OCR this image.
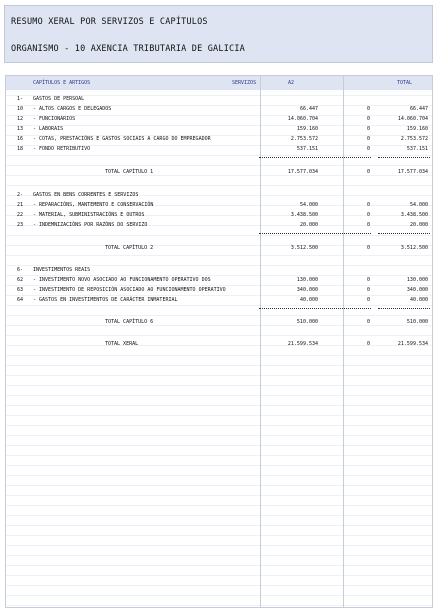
RESUMO XERAL POR SERVIZOS E CAPÍTULOS
ORGANISMO - 10 AXENCIA TRIBUTARIA DE GALICIA
CAPÍTULOS E ARTIGOS	SERVIZOS	A2	TOTAL
1- GASTOS DE PERSOAL
10 - ALTOS CARGOS E DELEGADOS	66.447	0	66.447
12 - FUNCIONARIOS	14.060.704	0	14.060.704
13 - LABORAIS	159.160	0	159.160
16 - COTAS, PRESTACIÓNS E GASTOS SOCIAIS A CARGO DO EMPREGADOR	2.753.572	0	2.753.572
18 - FONDO RETRIBUTIVO	537.151	0	537.151
TOTAL CAPÍTULO 1	17.577.034	0	17.577.034
2- GASTOS EN BENS CORRENTES E SERVIZOS
21 - REPARACIÓNS, MANTEMENTO E CONSERVACIÓN	54.000	0	54.000
22 - MATERIAL, SUBMINISTRACIÓNS E OUTROS	3.438.500	0	3.438.500
23 - INDEMNIZACIÓNS POR RAZÓNS DO SERVIZO	20.000	0	20.000
TOTAL CAPÍTULO 2	3.512.500	0	3.512.500
6- INVESTIMENTOS REAIS
62 - INVESTIMENTO NOVO ASOCIADO AO FUNCIONAMENTO OPERATIVO DOS	130.000	0	130.000
63 - INVESTIMENTO DE REPOSICIÓN ASOCIADO AO FUNCIONAMENTO OPERATIVO	340.000	0	340.000
64 - GASTOS EN INVESTIMENTOS DE CARÁCTER INMATERIAL	40.000	0	40.000
TOTAL CAPÍTULO 6	510.000	0	510.000
TOTAL XERAL	21.599.534	0	21.599.534
